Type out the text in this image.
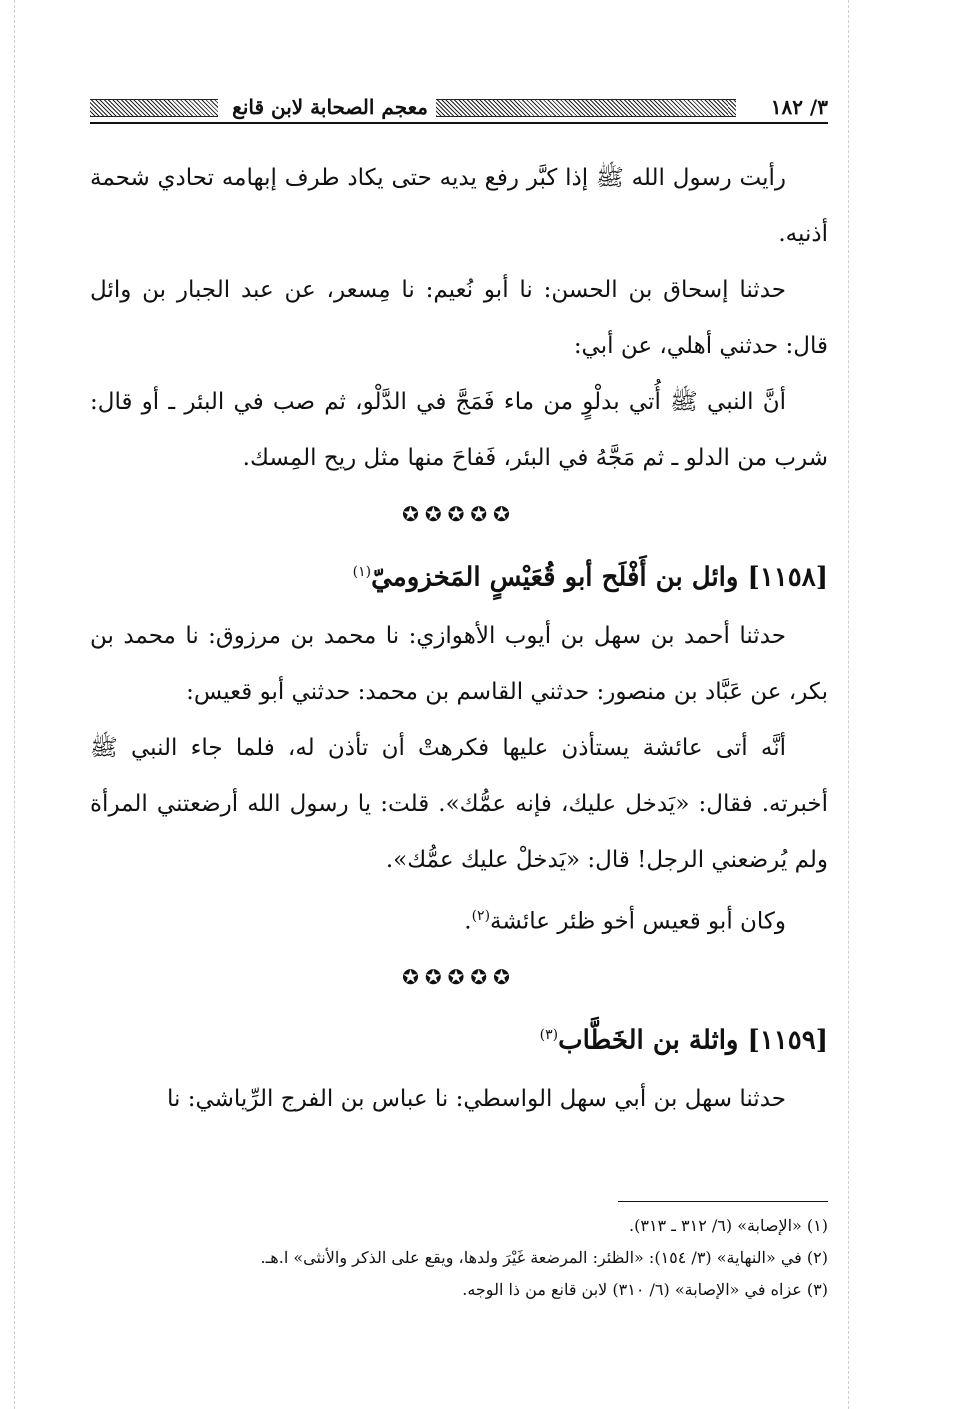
٣/ ١٨٢
معجم الصحابة لابن قانع

رأيت رسول الله ﷺ إذا كبَّر رفع يديه حتى يكاد طرف إبهامه تحادي شحمة أذنيه.

حدثنا إسحاق بن الحسن: نا أبو نُعيم: نا مِسعر، عن عبد الجبار بن وائل قال: حدثني أهلي، عن أبي:

أنَّ النبي ﷺ أُتي بدلْوٍ من ماء فَمَجَّ في الدَّلْو، ثم صب في البئر ـ أو قال: شرب من الدلو ـ ثم مَجَّهُ في البئر، فَفاحَ منها مثل ريح المِسك.

✪✪✪✪✪

[١١٥٨] وائل بن أَفْلَح أبو قُعَيْسٍ المَخزوميّ$^{(١)}$

حدثنا أحمد بن سهل بن أيوب الأهوازي: نا محمد بن مرزوق: نا محمد بن بكر، عن عَبَّاد بن منصور: حدثني القاسم بن محمد: حدثني أبو قعيس:

أنَّه أتى عائشة يستأذن عليها فكرهتْ أن تأذن له، فلما جاء النبي ﷺ أخبرته. فقال: «يَدخل عليك، فإنه عمُّك». قلت: يا رسول الله أرضعتني المرأة ولم يُرضعني الرجل! قال: «يَدخلْ عليك عمُّك».

وكان أبو قعيس أخو ظئر عائشة$^{(٢)}$.

✪✪✪✪✪

[١١٥٩] واثلة بن الخَطَّاب$^{(٣)}$

حدثنا سهل بن أبي سهل الواسطي: نا عباس بن الفرج الرِّياشي: نا

(١) «الإصابة» (٦/ ٣١٢ ـ ٣١٣).

(٢) في «النهاية» (٣/ ١٥٤): «الظئر: المرضعة غَيْرَ ولدها، ويقع على الذكر والأنثى» ا.هـ.

(٣) عزاه في «الإصابة» (٦/ ٣١٠) لابن قانع من ذا الوجه.
